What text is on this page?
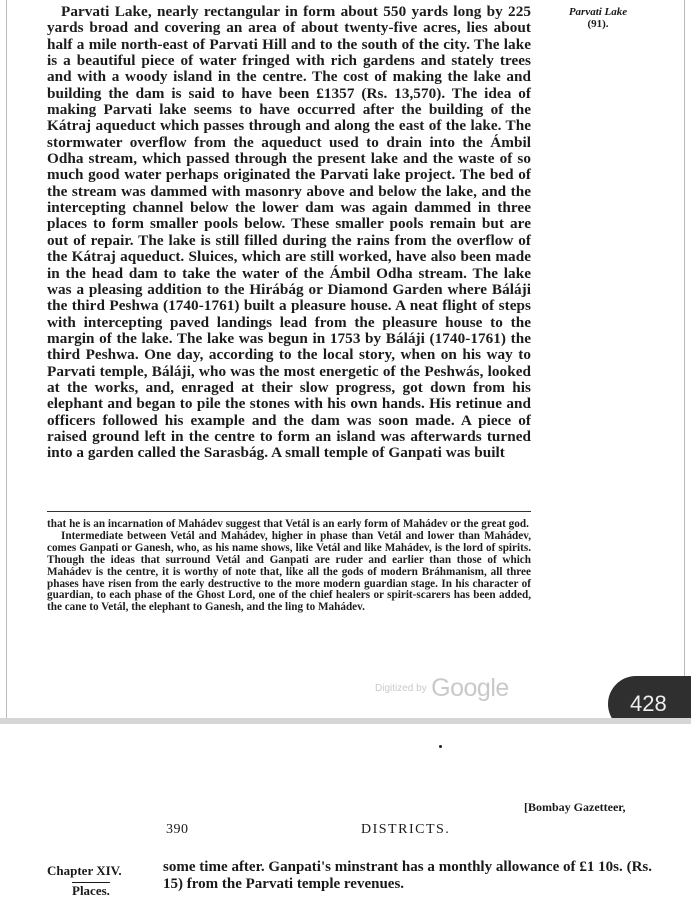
Parvati Lake, nearly rectangular in form about 550 yards long by 225 yards broad and covering an area of about twenty-five acres, lies about half a mile north-east of Parvati Hill and to the south of the city. The lake is a beautiful piece of water fringed with rich gardens and stately trees and with a woody island in the centre. The cost of making the lake and building the dam is said to have been £1357 (Rs. 13,570). The idea of making Parvati lake seems to have occurred after the building of the Kátraj aqueduct which passes through and along the east of the lake. The stormwater overflow from the aqueduct used to drain into the Ámbil Odha stream, which passed through the present lake and the waste of so much good water perhaps originated the Parvati lake project. The bed of the stream was dammed with masonry above and below the lake, and the intercepting channel below the lower dam was again dammed in three places to form smaller pools below. These smaller pools remain but are out of repair. The lake is still filled during the rains from the overflow of the Kátraj aqueduct. Sluices, which are still worked, have also been made in the head dam to take the water of the Ámbil Odha stream. The lake was a pleasing addition to the Hirábág or Diamond Garden where Báláji the third Peshwa (1740-1761) built a pleasure house. A neat flight of steps with intercepting paved landings lead from the pleasure house to the margin of the lake. The lake was begun in 1753 by Báláji (1740-1761) the third Peshwa. One day, according to the local story, when on his way to Parvati temple, Báláji, who was the most energetic of the Peshwás, looked at the works, and, enraged at their slow progress, got down from his elephant and began to pile the stones with his own hands. His retinue and officers followed his example and the dam was soon made. A piece of raised ground left in the centre to form an island was afterwards turned into a garden called the Sarasbág. A small temple of Ganpati was built

Parvati Lake
(91).

that he is an incarnation of Mahádev suggest that Vetál is an early form of Mahádev or the great god.

Intermediate between Vetál and Mahádev, higher in phase than Vetál and lower than Mahádev, comes Ganpati or Ganesh, who, as his name shows, like Vetál and like Mahádev, is the lord of spirits. Though the ideas that surround Vetál and Ganpati are ruder and earlier than those of which Mahádev is the centre, it is worthy of note that, like all the gods of modern Bráhmanism, all three phases have risen from the early destructive to the more modern guardian stage. In his character of guardian, to each phase of the Ghost Lord, one of the chief healers or spirit-scarers has been added, the cane to Vetál, the elephant to Ganesh, and the ling to Mahádev.

Digitized by Google
428
[Bombay Gazetteer,
390	DISTRICTS.
Chapter XIV.
Places.

some time after. Ganpati's minstrant has a monthly allowance of £1 10s. (Rs. 15) from the Parvati temple revenues.
